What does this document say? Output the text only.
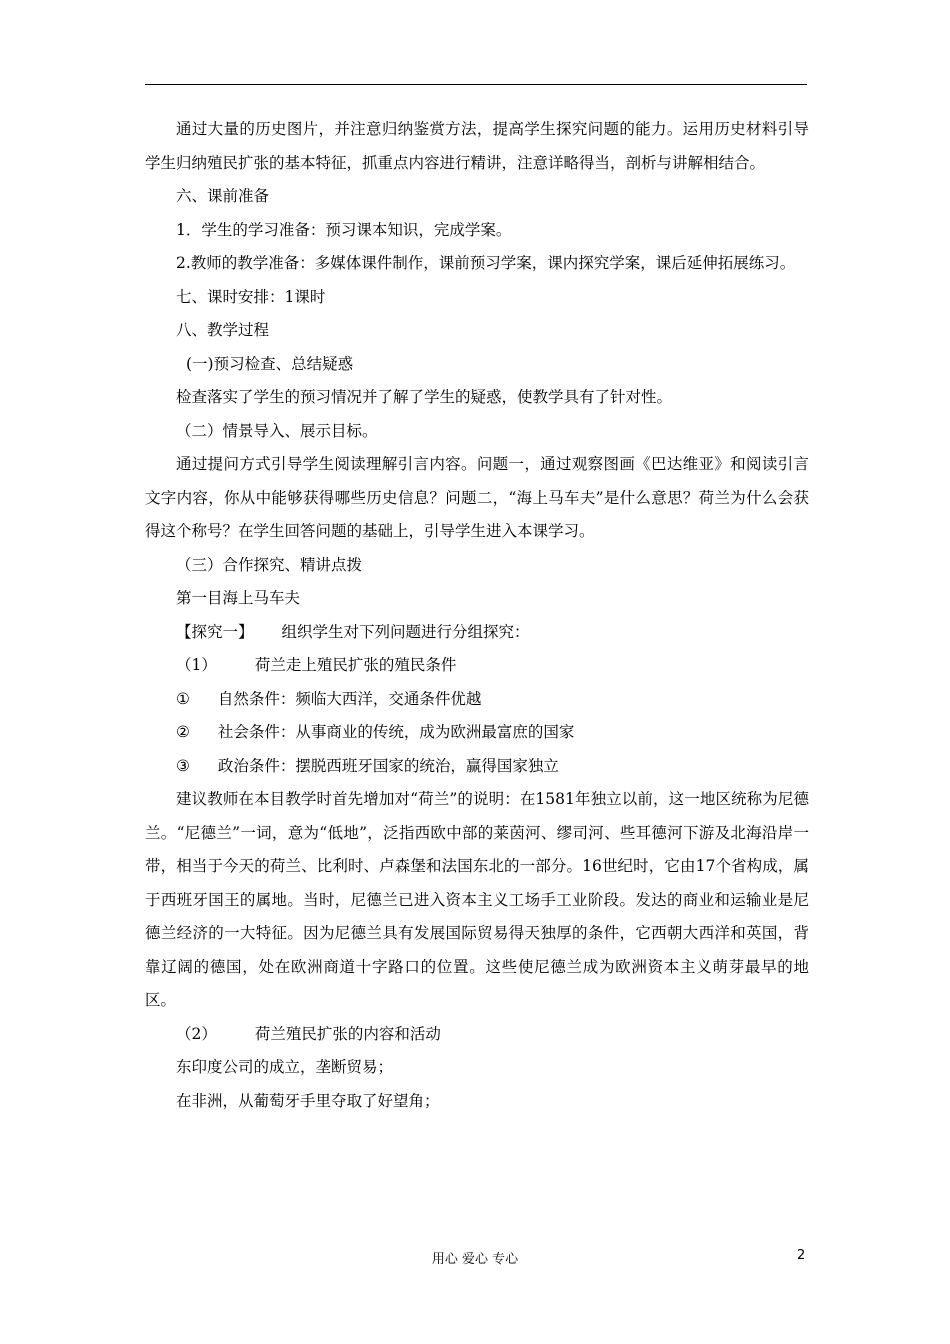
通过大量的历史图片，并注意归纳鉴赏方法，提高学生探究问题的能力。运用历史材料引导学生归纳殖民扩张的基本特征，抓重点内容进行精讲，注意详略得当，剖析与讲解相结合。

六、课前准备

1．学生的学习准备：预习课本知识，完成学案。

2.教师的教学准备：多媒体课件制作，课前预习学案，课内探究学案，课后延伸拓展练习。

七、课时安排：1课时

八、教学过程

(一)预习检查、总结疑惑

检查落实了学生的预习情况并了解了学生的疑惑，使教学具有了针对性。

（二）情景导入、展示目标。

通过提问方式引导学生阅读理解引言内容。问题一，通过观察图画《巴达维亚》和阅读引言文字内容，你从中能够获得哪些历史信息？问题二，“海上马车夫”是什么意思？荷兰为什么会获得这个称号？在学生回答问题的基础上，引导学生进入本课学习。

（三）合作探究、精讲点拨

第一目海上马车夫

【探究一】 组织学生对下列问题进行分组探究：

（1） 荷兰走上殖民扩张的殖民条件

① 自然条件：频临大西洋，交通条件优越

② 社会条件：从事商业的传统，成为欧洲最富庶的国家

③ 政治条件：摆脱西班牙国家的统治，赢得国家独立

建议教师在本目教学时首先增加对“荷兰”的说明：在1581年独立以前，这一地区统称为尼德兰。“尼德兰”一词，意为“低地”，泛指西欧中部的莱茵河、缪司河、些耳德河下游及北海沿岸一带，相当于今天的荷兰、比利时、卢森堡和法国东北的一部分。16世纪时，它由17个省构成，属于西班牙国王的属地。当时，尼德兰已进入资本主义工场手工业阶段。发达的商业和运输业是尼德兰经济的一大特征。因为尼德兰具有发展国际贸易得天独厚的条件，它西朝大西洋和英国，背靠辽阔的德国，处在欧洲商道十字路口的位置。这些使尼德兰成为欧洲资本主义萌芽最早的地区。

（2） 荷兰殖民扩张的内容和活动

东印度公司的成立，垄断贸易；

在非洲，从葡萄牙手里夺取了好望角；

用心 爱心 专心	2
